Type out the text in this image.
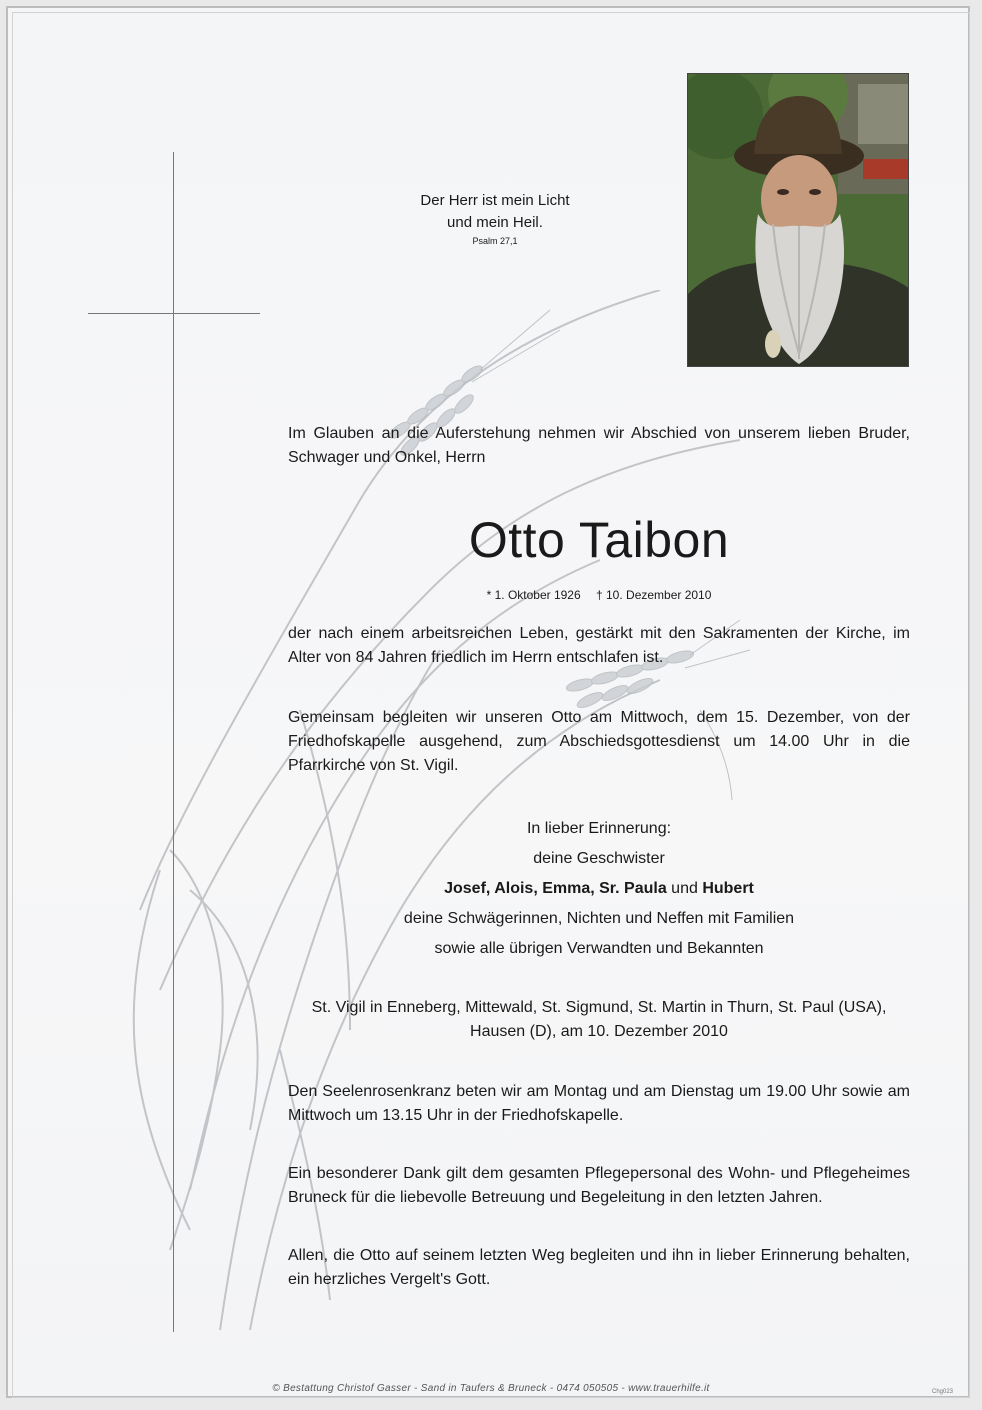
Der Herr ist mein Licht
und mein Heil.
Psalm 27,1
Im Glauben an die Auferstehung nehmen wir Abschied von unserem lieben Bruder, Schwager und Onkel, Herrn
Otto Taibon
* 1. Oktober 1926 † 10. Dezember 2010
der nach einem arbeitsreichen Leben, gestärkt mit den Sakramenten der Kirche, im Alter von 84 Jahren friedlich im Herrn entschlafen ist.
Gemeinsam begleiten wir unseren Otto am Mittwoch, dem 15. Dezember, von der Friedhofskapelle ausgehend, zum Abschiedsgottesdienst um 14.00 Uhr in die Pfarrkirche von St. Vigil.
In lieber Erinnerung:
deine Geschwister
Josef, Alois, Emma, Sr. Paula und Hubert
deine Schwägerinnen, Nichten und Neffen mit Familien
sowie alle übrigen Verwandten und Bekannten
St. Vigil in Enneberg, Mittewald, St. Sigmund, St. Martin in Thurn, St. Paul (USA),
Hausen (D), am 10. Dezember 2010
Den Seelenrosenkranz beten wir am Montag und am Dienstag um 19.00 Uhr sowie am Mittwoch um 13.15 Uhr in der Friedhofskapelle.
Ein besonderer Dank gilt dem gesamten Pflegepersonal des Wohn- und Pflegeheimes Bruneck für die liebevolle Betreuung und Begeleitung in den letzten Jahren.
Allen, die Otto auf seinem letzten Weg begleiten und ihn in lieber Erinnerung behalten, ein herzliches Vergelt's Gott.
© Bestattung Christof Gasser - Sand in Taufers & Bruneck - 0474 050505 - www.trauerhilfe.it	Chg023
